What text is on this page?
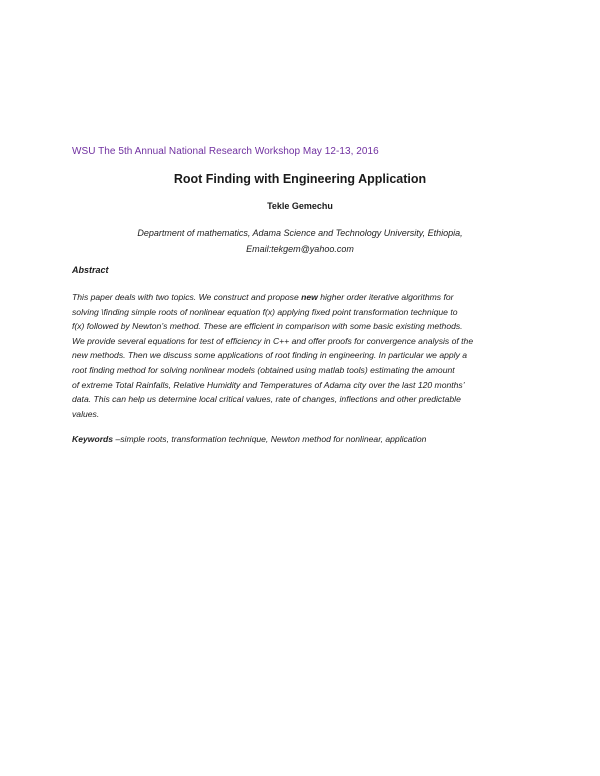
WSU The 5th Annual National Research Workshop May 12-13, 2016
Root Finding with Engineering Application
Tekle Gemechu
Department of mathematics, Adama Science and Technology University, Ethiopia,
Email:tekgem@yahoo.com
Abstract
This paper deals with two topics. We construct and propose new higher order iterative algorithms for
solving \finding simple roots of nonlinear equation f(x) applying fixed point transformation technique to
f(x) followed by Newton’s method. These are efficient in comparison with some basic existing methods.
We provide several equations for test of efficiency in C++ and offer proofs for convergence analysis of the
new methods. Then we discuss some applications of root finding in engineering. In particular we apply a
root finding method for solving nonlinear models (obtained using matlab tools) estimating the amount
of extreme Total Rainfalls, Relative Humidity and Temperatures of Adama city over the last 120 months’
data. This can help us determine local critical values, rate of changes, inflections and other predictable
values.
Keywords –simple roots, transformation technique, Newton method for nonlinear, application
